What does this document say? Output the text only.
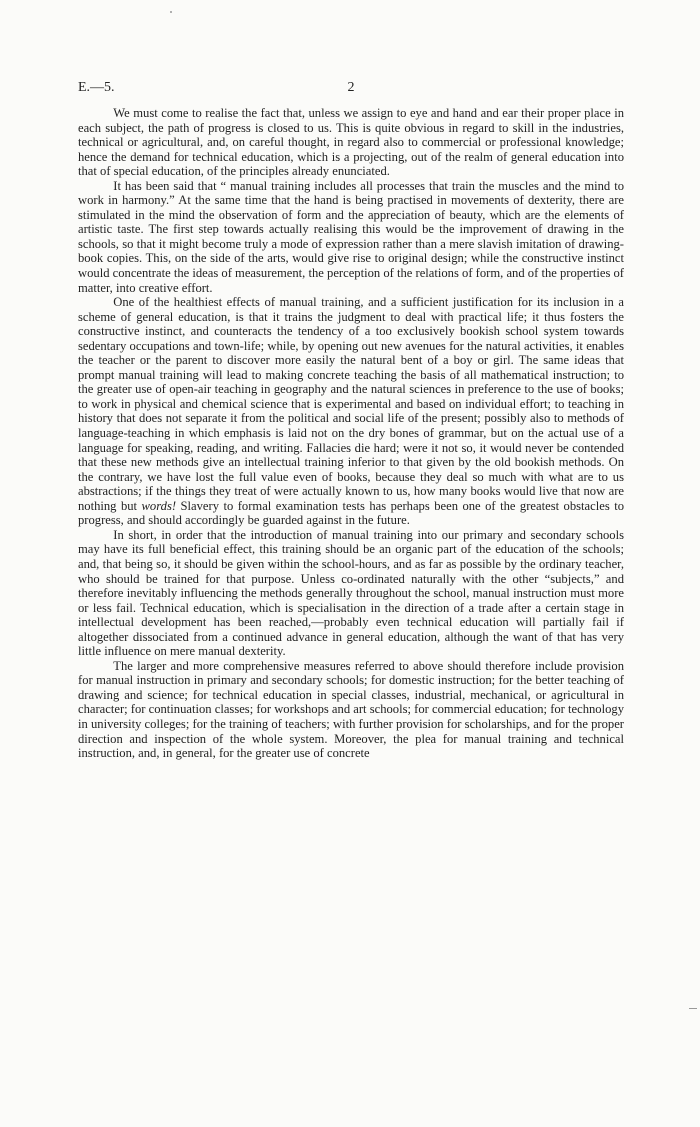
E.—5.	2

We must come to realise the fact that, unless we assign to eye and hand and ear their proper place in each subject, the path of progress is closed to us. This is quite obvious in regard to skill in the industries, technical or agricultural, and, on careful thought, in regard also to commercial or professional knowledge; hence the demand for technical education, which is a projecting, out of the realm of general education into that of special education, of the principles already enunciated.

It has been said that “ manual training includes all processes that train the muscles and the mind to work in harmony.” At the same time that the hand is being practised in movements of dexterity, there are stimulated in the mind the observation of form and the appreciation of beauty, which are the elements of artistic taste. The first step towards actually realising this would be the improvement of drawing in the schools, so that it might become truly a mode of expression rather than a mere slavish imitation of drawing-book copies. This, on the side of the arts, would give rise to original design; while the constructive instinct would concentrate the ideas of measurement, the perception of the relations of form, and of the properties of matter, into creative effort.

One of the healthiest effects of manual training, and a sufficient justification for its inclusion in a scheme of general education, is that it trains the judgment to deal with practical life; it thus fosters the constructive instinct, and counteracts the tendency of a too exclusively bookish school system towards sedentary occupations and town-life; while, by opening out new avenues for the natural activities, it enables the teacher or the parent to discover more easily the natural bent of a boy or girl. The same ideas that prompt manual training will lead to making concrete teaching the basis of all mathematical instruction; to the greater use of open-air teaching in geography and the natural sciences in preference to the use of books; to work in physical and chemical science that is experimental and based on individual effort; to teaching in history that does not separate it from the political and social life of the present; possibly also to methods of language-teaching in which emphasis is laid not on the dry bones of grammar, but on the actual use of a language for speaking, reading, and writing. Fallacies die hard; were it not so, it would never be contended that these new methods give an intellectual training inferior to that given by the old bookish methods. On the contrary, we have lost the full value even of books, because they deal so much with what are to us abstractions; if the things they treat of were actually known to us, how many books would live that now are nothing but words! Slavery to formal examination tests has perhaps been one of the greatest obstacles to progress, and should accordingly be guarded against in the future.

In short, in order that the introduction of manual training into our primary and secondary schools may have its full beneficial effect, this training should be an organic part of the education of the schools; and, that being so, it should be given within the school-hours, and as far as possible by the ordinary teacher, who should be trained for that purpose. Unless co-ordinated naturally with the other “subjects,” and therefore inevitably influencing the methods generally throughout the school, manual instruction must more or less fail. Technical education, which is specialisation in the direction of a trade after a certain stage in intellectual development has been reached,—probably even technical education will partially fail if altogether dissociated from a continued advance in general education, although the want of that has very little influence on mere manual dexterity.

The larger and more comprehensive measures referred to above should therefore include provision for manual instruction in primary and secondary schools; for domestic instruction; for the better teaching of drawing and science; for technical education in special classes, industrial, mechanical, or agricultural in character; for continuation classes; for workshops and art schools; for commercial education; for technology in university colleges; for the training of teachers; with further provision for scholarships, and for the proper direction and inspection of the whole system. Moreover, the plea for manual training and technical instruction, and, in general, for the greater use of concrete
